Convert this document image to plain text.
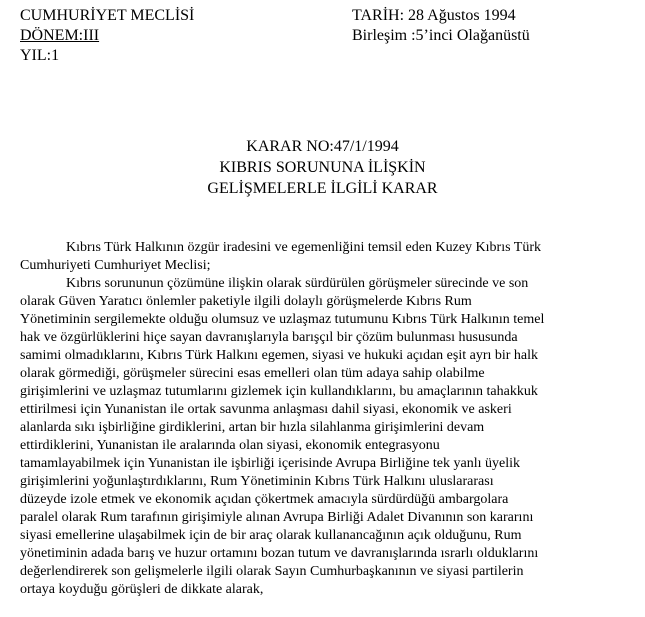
CUMHURİYET MECLİSİ
DÖNEM:III
YIL:1
TARİH: 28 Ağustos 1994
Birleşim :5’inci Olağanüstü
KARAR NO:47/1/1994
KIBRIS SORUNUNA İLİŞKİN
GELİŞMELERLE İLGİLİ KARAR
Kıbrıs Türk Halkının özgür iradesini ve egemenliğini temsil eden Kuzey Kıbrıs Türk
Cumhuriyeti Cumhuriyet Meclisi;
Kıbrıs sorununun çözümüne ilişkin olarak sürdürülen görüşmeler sürecinde ve son
olarak Güven Yaratıcı önlemler paketiyle ilgili dolaylı görüşmelerde Kıbrıs Rum
Yönetiminin sergilemekte olduğu olumsuz ve uzlaşmaz tutumunu Kıbrıs Türk Halkının temel
hak ve özgürlüklerini hiçe sayan davranışlarıyla barışçıl bir çözüm bulunması hususunda
samimi olmadıklarını, Kıbrıs Türk Halkını egemen, siyasi ve hukuki açıdan eşit ayrı bir halk
olarak görmediği, görüşmeler sürecini esas emelleri olan tüm adaya sahip olabilme
girişimlerini ve uzlaşmaz tutumlarını gizlemek için kullandıklarını, bu amaçlarının tahakkuk
ettirilmesi için Yunanistan ile ortak savunma anlaşması dahil siyasi, ekonomik ve askeri
alanlarda sıkı işbirliğine girdiklerini, artan bir hızla silahlanma girişimlerini devam
ettirdiklerini, Yunanistan ile aralarında olan siyasi, ekonomik entegrasyonu
tamamlayabilmek için Yunanistan ile işbirliği içerisinde Avrupa Birliğine tek yanlı üyelik
girişimlerini yoğunlaştırdıklarını, Rum Yönetiminin Kıbrıs Türk Halkını uluslararası
düzeyde izole etmek ve ekonomik açıdan çökertmek amacıyla sürdürdüğü ambargolara
paralel olarak Rum tarafının girişimiyle alınan Avrupa Birliği Adalet Divanının son kararını
siyasi emellerine ulaşabilmek için de bir araç olarak kullanancağının açık olduğunu, Rum
yönetiminin adada barış ve huzur ortamını bozan tutum ve davranışlarında ısrarlı olduklarını
değerlendirerek son gelişmelerle ilgili olarak Sayın Cumhurbaşkanının ve siyasi partilerin
ortaya koyduğu görüşleri de dikkate alarak,
